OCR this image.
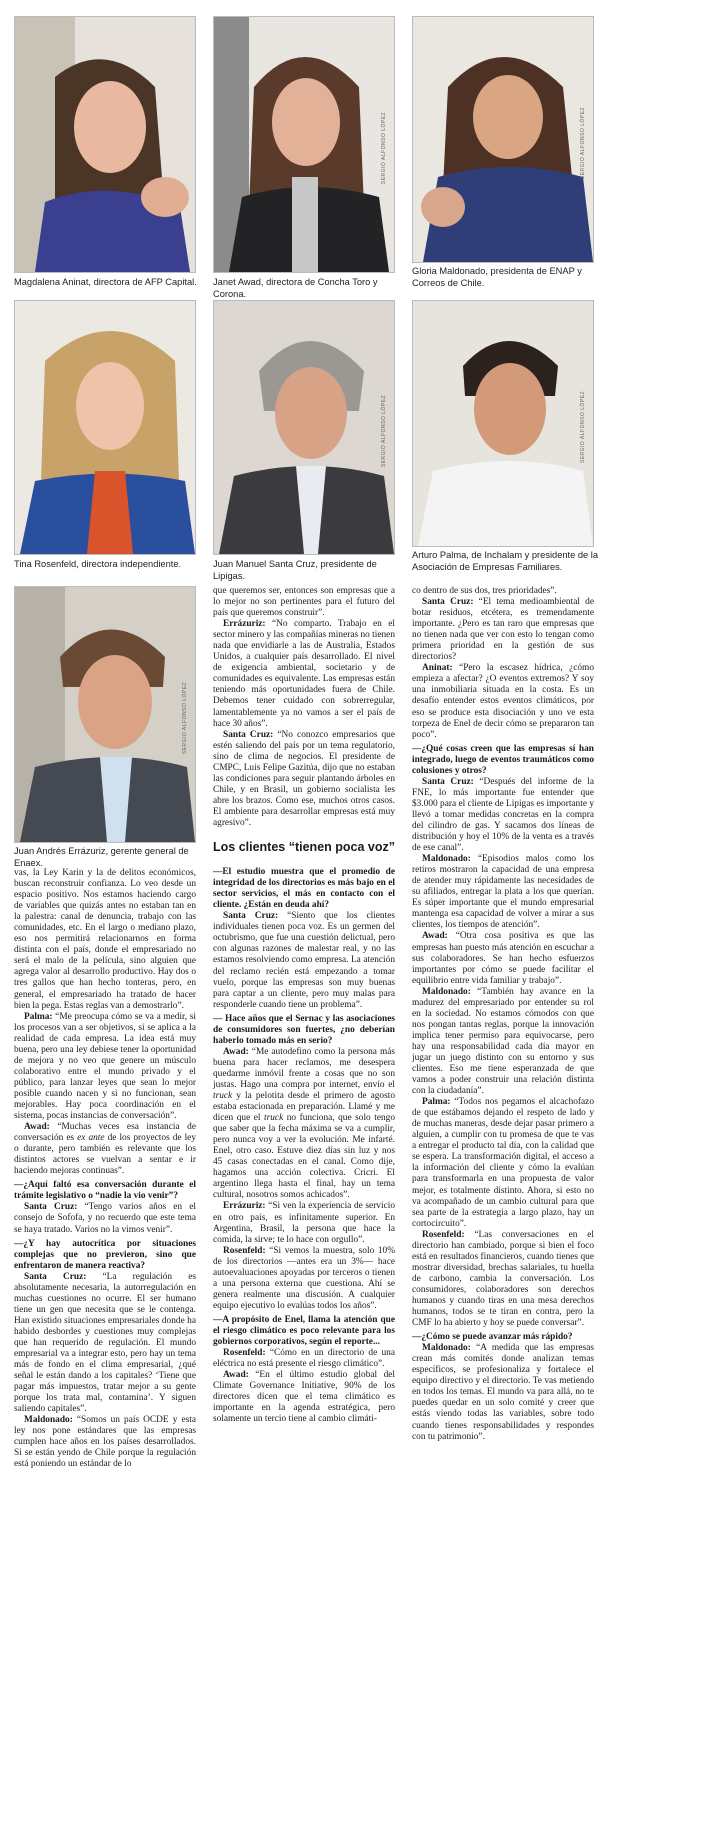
Magdalena Aninat, directora de AFP Capital.
SERGIO ALFONSO LÓPEZ
Janet Awad, directora de Concha Toro y Corona.
SERGIO ALFONSO LÓPEZ
Gloria Maldonado, presidenta de ENAP y Correos de Chile.
Tina Rosenfeld, directora independiente.
SERGIO ALFONSO LÓPEZ
Juan Manuel Santa Cruz, presidente de Lipigas.
SERGIO ALFONSO LÓPEZ
Arturo Palma, de Inchalam y presidente de la Asociación de Empresas Familiares.
SERGIO ALFONSO LÓPEZ
Juan Andrés Errázuriz, gerente general de Enaex.

vas, la Ley Karin y la de delitos económicos, buscan reconstruir confianza. Lo veo desde un espacio positivo. Nos estamos haciendo cargo de variables que quizás antes no estaban tan en la palestra: canal de denuncia, trabajo con las comunidades, etc. En el largo o mediano plazo, eso nos permitirá relacionarnos en forma distinta con el país, donde el empresariado no será el malo de la película, sino alguien que agrega valor al desarrollo productivo. Hay dos o tres gallos que han hecho tonteras, pero, en general, el empresariado ha tratado de hacer bien la pega. Estas reglas van a demostrarlo”.

Palma: “Me preocupa cómo se va a medir, si los procesos van a ser objetivos, si se aplica a la realidad de cada empresa. La idea está muy buena, pero una ley debiese tener la oportunidad de mejora y no veo que genere un músculo colaborativo entre el mundo privado y el público, para lanzar leyes que sean lo mejor posible cuando nacen y si no funcionan, sean mejorables. Hay poca coordinación en el sistema, pocas instancias de conversación”.

Awad: “Muchas veces esa instancia de conversación es ex ante de los proyectos de ley o durante, pero también es relevante que los distintos actores se vuelvan a sentar e ir haciendo mejoras continuas”.

—¿Aquí faltó esa conversación durante el trámite legislativo o “nadie la vio venir”?

Santa Cruz: “Tengo varios años en el consejo de Sofofa, y no recuerdo que este tema se haya tratado. Varios no la vimos venir”.

—¿Y hay autocrítica por situaciones complejas que no previeron, sino que enfrentaron de manera reactiva?

Santa Cruz: “La regulación es absolutamente necesaria, la autorregulación en muchas cuestiones no ocurre. El ser humano tiene un gen que necesita que se le contenga. Han existido situaciones empresariales donde ha habido desbordes y cuestiones muy complejas que han requerido de regulación. El mundo empresarial va a integrar esto, pero hay un tema más de fondo en el clima empresarial, ¿qué señal le están dando a los capitales? ‘Tiene que pagar más impuestos, tratar mejor a su gente porque los trata mal, contamina’. Y siguen saliendo capitales”.

Maldonado: “Somos un país OCDE y esta ley nos pone estándares que las empresas cumplen hace años en los países desarrollados. Si se están yendo de Chile porque la regulación está poniendo un estándar de lo

que queremos ser, entonces son empresas que a lo mejor no son pertinentes para el futuro del país que queremos construir”.

Errázuriz: “No comparto. Trabajo en el sector minero y las compañías mineras no tienen nada que envidiarle a las de Australia, Estados Unidos, a cualquier país desarrollado. El nivel de exigencia ambiental, societario y de comunidades es equivalente. Las empresas están teniendo más oportunidades fuera de Chile. Debemos tener cuidado con sobrerregular, lamentablemente ya no vamos a ser el país de hace 30 años”.

Santa Cruz: “No conozco empresarios que estén saliendo del país por un tema regulatorio, sino de clima de negocios. El presidente de CMPC, Luis Felipe Gazitúa, dijo que no estaban las condiciones para seguir plantando árboles en Chile, y en Brasil, un gobierno socialista les abre los brazos. Como ese, muchos otros casos. El ambiente para desarrollar empresas está muy agresivo”.

Los clientes “tienen poca voz”

—El estudio muestra que el promedio de integridad de los directorios es más bajo en el sector servicios, el más en contacto con el cliente. ¿Están en deuda ahí?

Santa Cruz: “Siento que los clientes individuales tienen poca voz. Es un germen del octubrismo, que fue una cuestión delictual, pero con algunas razones de malestar real, y no las estamos resolviendo como empresa. La atención del reclamo recién está empezando a tomar vuelo, porque las empresas son muy buenas para captar a un cliente, pero muy malas para responderle cuando tiene un problema”.

— Hace años que el Sernac y las asociaciones de consumidores son fuertes, ¿no deberían haberlo tomado más en serio?

Awad: “Me autodefino como la persona más buena para hacer reclamos, me desespera quedarme inmóvil frente a cosas que no son justas. Hago una compra por internet, envío el truck y la pelotita desde el primero de agosto estaba estacionada en preparación. Llamé y me dicen que el truck no funciona, que solo tengo que saber que la fecha máxima se va a cumplir, pero nunca voy a ver la evolución. Me infarté. Enel, otro caso. Estuve diez días sin luz y nos 45 casas conectadas en el canal. Como dije, hagamos una acción colectiva. Cricri. El argentino llega hasta el final, hay un tema cultural, nosotros somos achicados”.

Errázuriz: “Si ven la experiencia de servicio en otro país, es infinitamente superior. En Argentina, Brasil, la persona que hace la comida, la sirve; te lo hace con orgullo”.

Rosenfeld: “Si vemos la muestra, solo 10% de los directorios —antes era un 3%— hace autoevaluaciones apoyadas por terceros o tienen a una persona externa que cuestiona. Ahí se genera realmente una discusión. A cualquier equipo ejecutivo lo evalúas todos los años”.

—A propósito de Enel, llama la atención que el riesgo climático es poco relevante para los gobiernos corporativos, según el reporte...

Rosenfeld: “Cómo en un directorio de una eléctrica no está presente el riesgo climático”.

Awad: “En el último estudio global del Climate Governance Initiative, 90% de los directores dicen que el tema climático es importante en la agenda estratégica, pero solamente un tercio tiene al cambio climáti-

co dentro de sus dos, tres prioridades”.

Santa Cruz: “El tema medioambiental de botar residuos, etcétera, es tremendamente importante. ¿Pero es tan raro que empresas que no tienen nada que ver con esto lo tengan como primera prioridad en la gestión de sus directorios?

Aninat: “Pero la escasez hídrica, ¿cómo empieza a afectar? ¿O eventos extremos? Y soy una inmobiliaria situada en la costa. Es un desafío entender estos eventos climáticos, por eso se produce esta disociación y uno ve esta torpeza de Enel de decir cómo se prepararon tan poco”.

—¿Qué cosas creen que las empresas sí han integrado, luego de eventos traumáticos como colusiones y otros?

Santa Cruz: “Después del informe de la FNE, lo más importante fue entender que $3.000 para el cliente de Lipigas es importante y llevó a tomar medidas concretas en la compra del cilindro de gas. Y sacamos dos líneas de distribución y hoy el 10% de la venta es a través de ese canal”.

Maldonado: “Episodios malos como los retiros mostraron la capacidad de una empresa de atender muy rápidamente las necesidades de su afiliados, entregar la plata a los que querían. Es súper importante que el mundo empresarial mantenga esa capacidad de volver a mirar a sus clientes, los tiempos de atención”.

Awad: “Otra cosa positiva es que las empresas han puesto más atención en escuchar a sus colaboradores. Se han hecho esfuerzos importantes por cómo se puede facilitar el equilibrio entre vida familiar y trabajo”.

Maldonado: “También hay avance en la madurez del empresariado por entender su rol en la sociedad. No estamos cómodos con que nos pongan tantas reglas, porque la innovación implica tener permiso para equivocarse, pero hay una responsabilidad cada día mayor en jugar un juego distinto con su entorno y sus clientes. Eso me tiene esperanzada de que vamos a poder construir una relación distinta con la ciudadanía”.

Palma: “Todos nos pegamos el alcachofazo de que estábamos dejando el respeto de lado y de muchas maneras, desde dejar pasar primero a alguien, a cumplir con tu promesa de que te vas a entregar el producto tal día, con la calidad que se espera. La transformación digital, el acceso a la información del cliente y cómo la evalúan para transformarla en una propuesta de valor mejor, es totalmente distinto. Ahora, si esto no va acompañado de un cambio cultural para que sea parte de la estrategia a largo plazo, hay un cortocircuito”.

Rosenfeld: “Las conversaciones en el directorio han cambiado, porque si bien el foco está en resultados financieros, cuando tienes que mostrar diversidad, brechas salariales, tu huella de carbono, cambia la conversación. Los consumidores, colaboradores son derechos humanos y cuando tiras en una mesa derechos humanos, todos se te tiran en contra, pero la CMF lo ha abierto y hoy se puede conversar”.

—¿Cómo se puede avanzar más rápido?

Maldonado: “A medida que las empresas crean más comités donde analizan temas específicos, se profesionaliza y fortalece el equipo directivo y el directorio. Te vas metiendo en todos los temas. El mundo va para allá, no te puedes quedar en un solo comité y creer que estás viendo todas las variables, sobre todo cuando tienes responsabilidades y respondes con tu patrimonio”.
